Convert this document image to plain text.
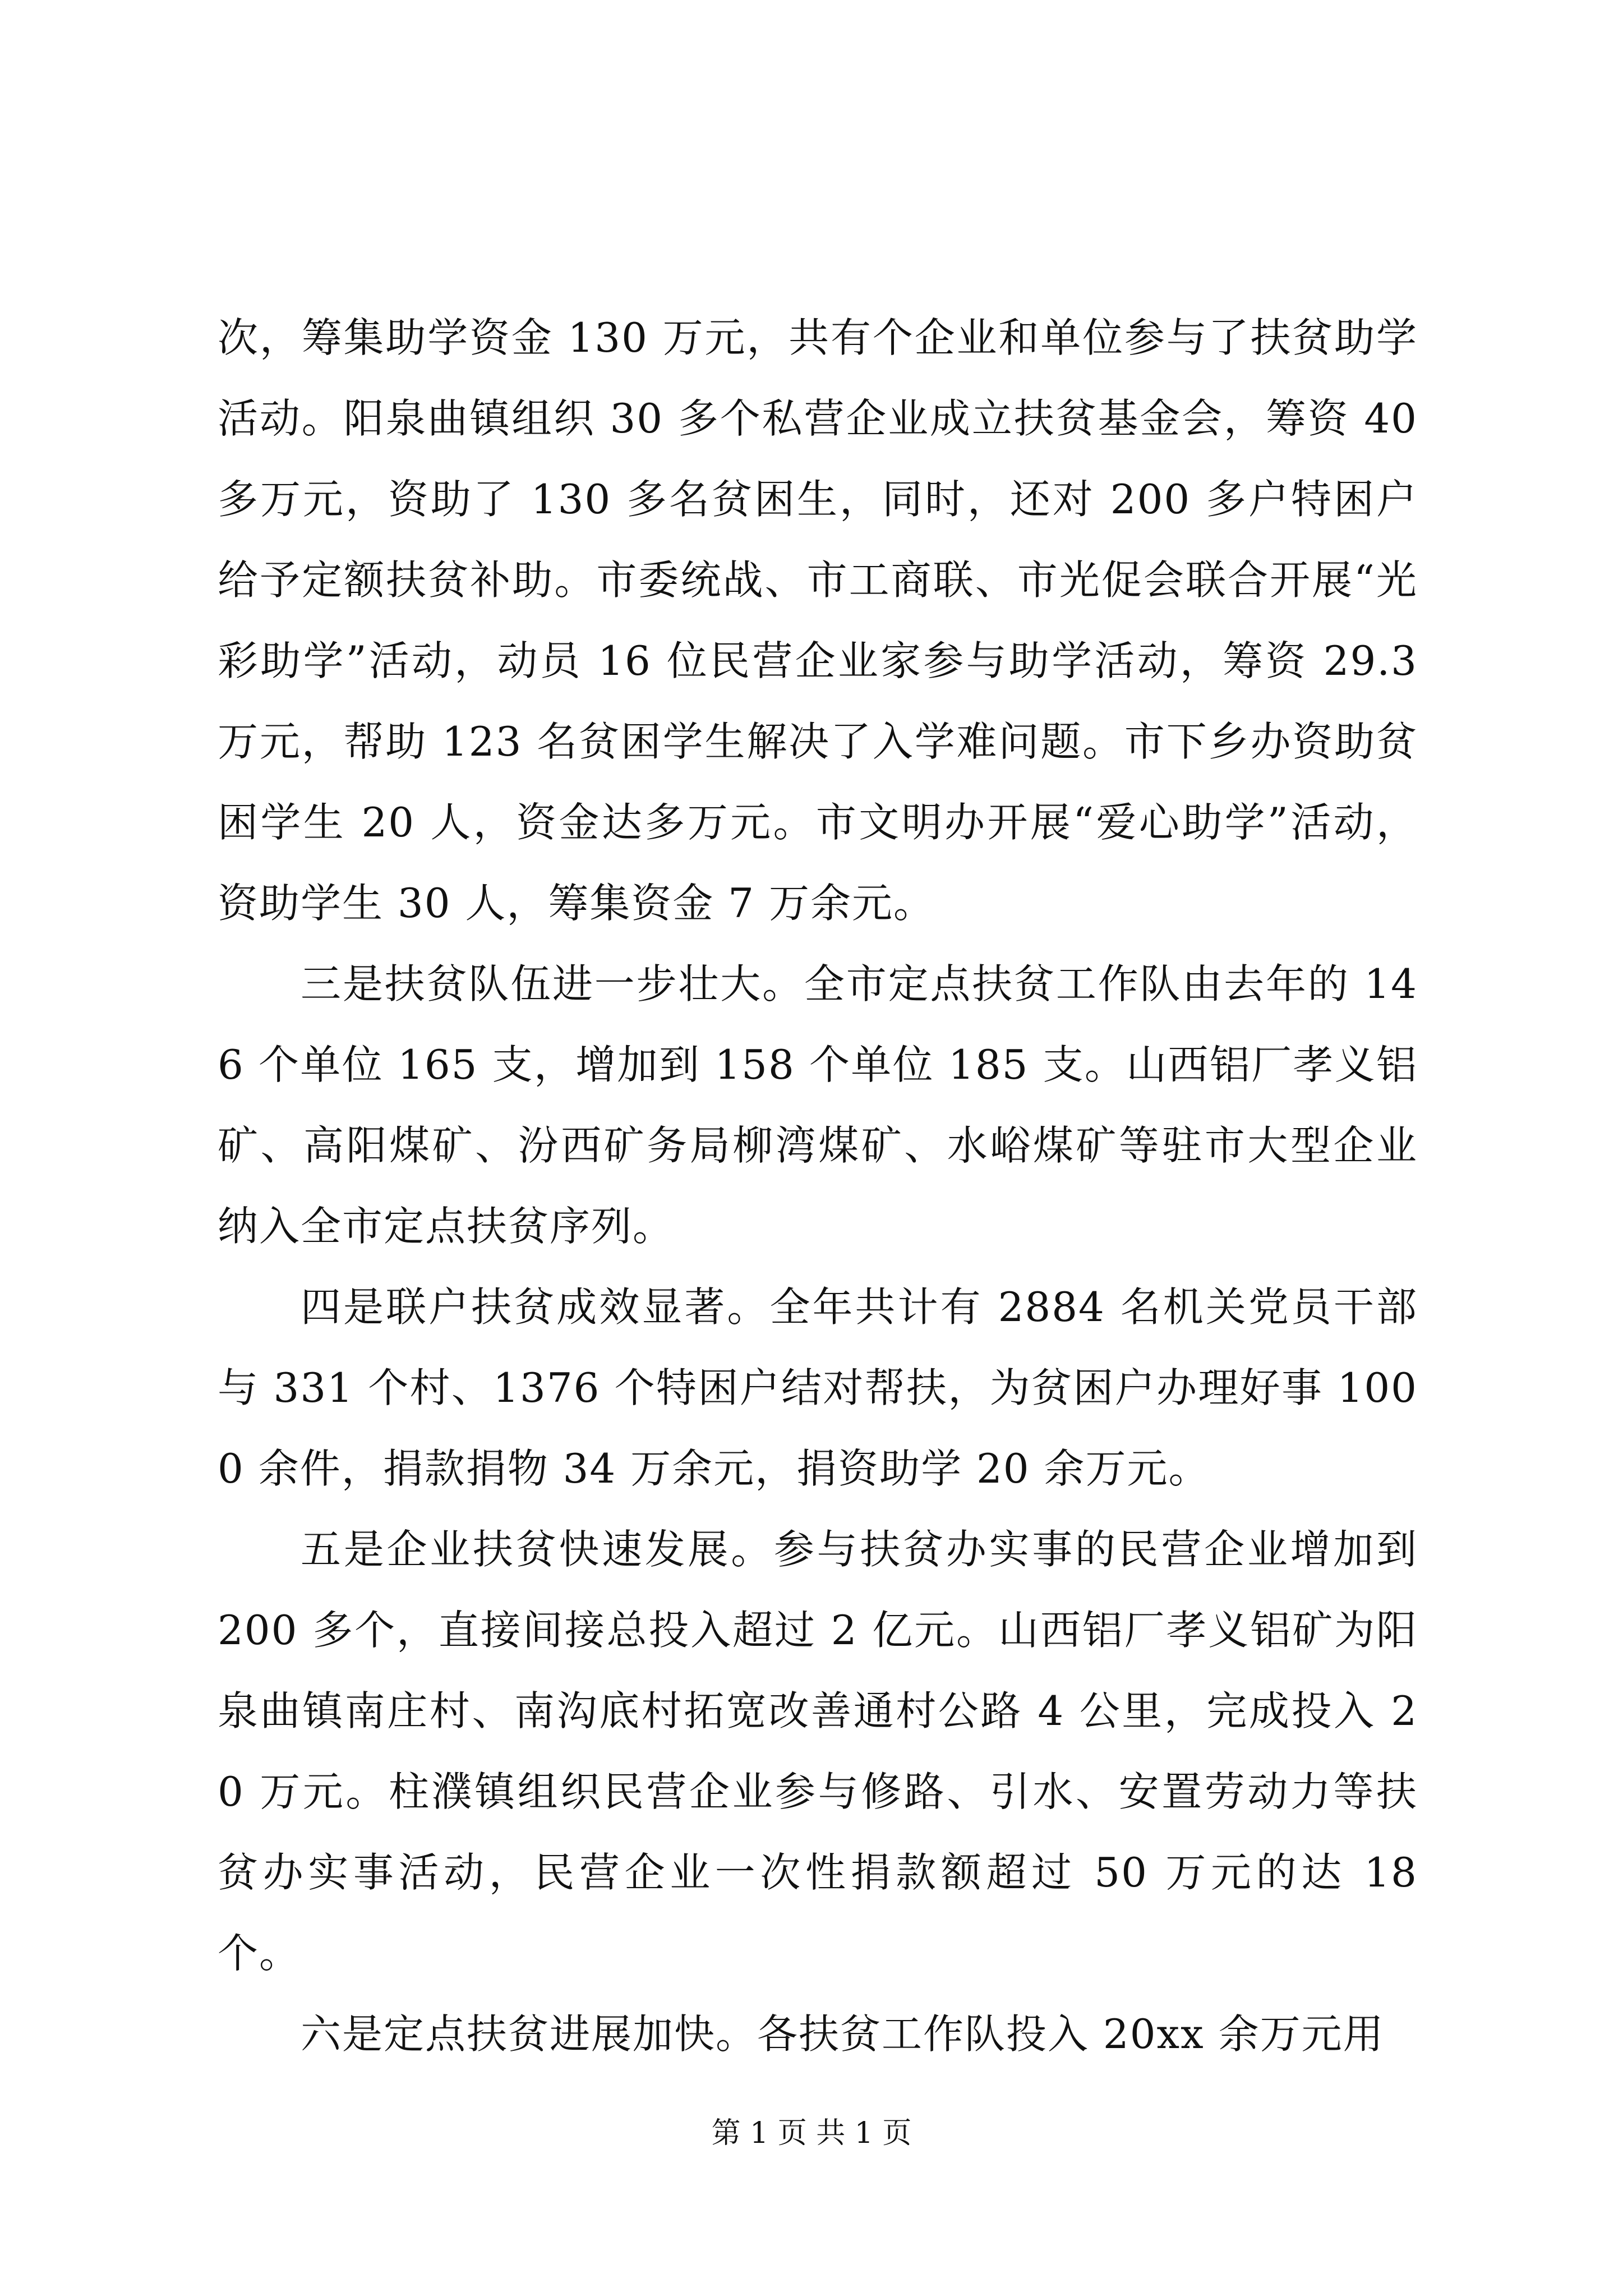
次，筹集助学资金 130 万元，共有个企业和单位参与了扶贫助学活动。阳泉曲镇组织 30 多个私营企业成立扶贫基金会，筹资 40 多万元，资助了 130 多名贫困生，同时，还对 200 多户特困户给予定额扶贫补助。市委统战、市工商联、市光促会联合开展“光彩助学”活动，动员 16 位民营企业家参与助学活动，筹资 29.3 万元，帮助 123 名贫困学生解决了入学难问题。市下乡办资助贫困学生 20 人，资金达多万元。市文明办开展“爱心助学”活动，资助学生 30 人，筹集资金 7 万余元。

三是扶贫队伍进一步壮大。全市定点扶贫工作队由去年的 146 个单位 165 支，增加到 158 个单位 185 支。山西铝厂孝义铝矿、高阳煤矿、汾西矿务局柳湾煤矿、水峪煤矿等驻市大型企业纳入全市定点扶贫序列。

四是联户扶贫成效显著。全年共计有 2884 名机关党员干部与 331 个村、1376 个特困户结对帮扶，为贫困户办理好事 1000 余件，捐款捐物 34 万余元，捐资助学 20 余万元。

五是企业扶贫快速发展。参与扶贫办实事的民营企业增加到 200 多个，直接间接总投入超过 2 亿元。山西铝厂孝义铝矿为阳泉曲镇南庄村、南沟底村拓宽改善通村公路 4 公里，完成投入 20 万元。柱濮镇组织民营企业参与修路、引水、安置劳动力等扶贫办实事活动，民营企业一次性捐款额超过 50 万元的达 18 个。

六是定点扶贫进展加快。各扶贫工作队投入 20xx 余万元用

第 1 页 共 1 页
